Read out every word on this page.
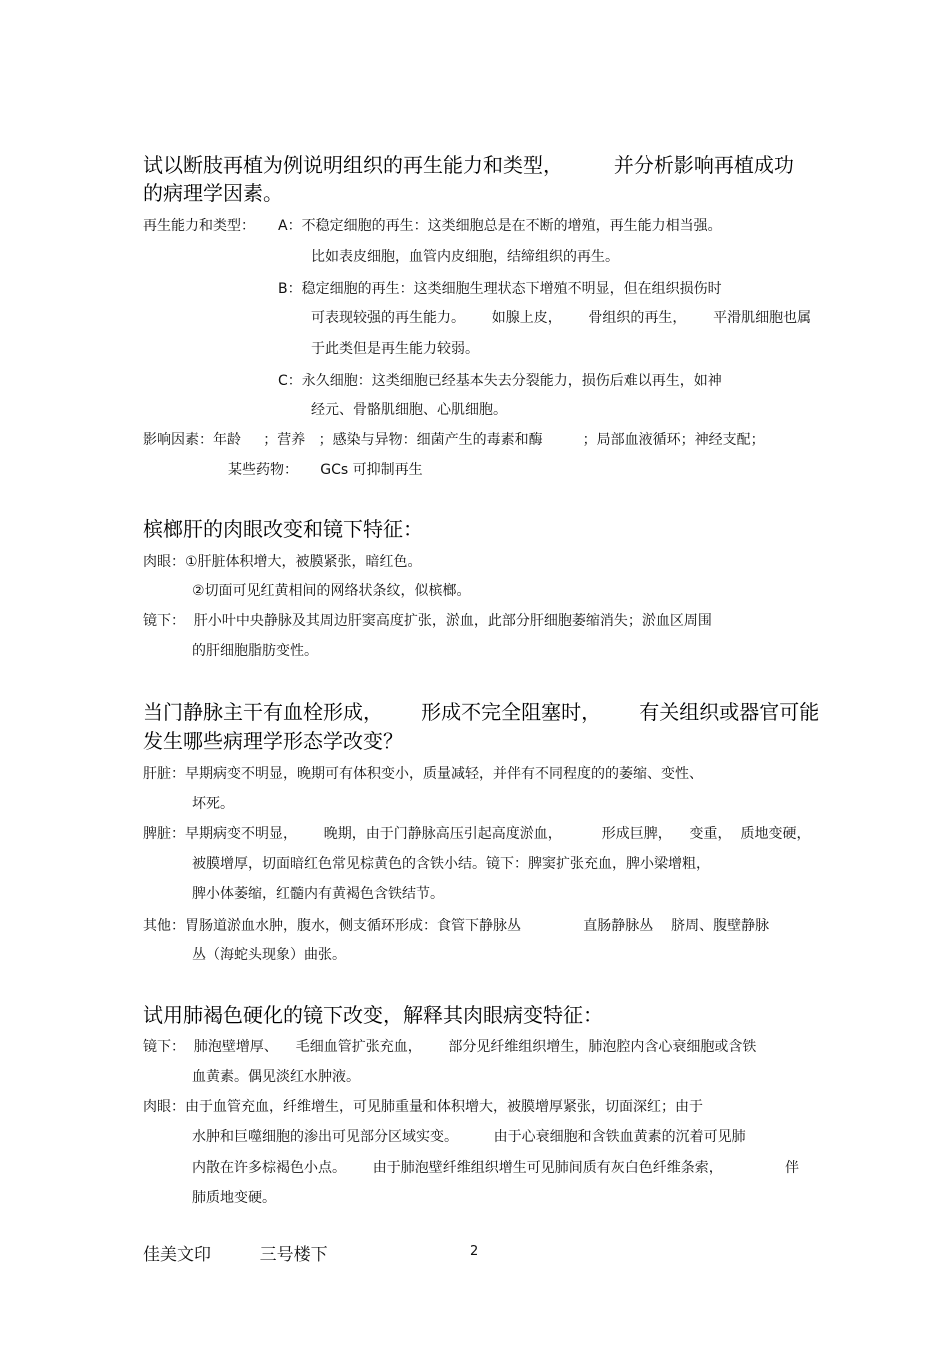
试以断肢再植为例说明组织的再生能力和类型，        并分析影响再植成功
的病理学因素。
再生能力和类型： A：不稳定细胞的再生：这类细胞总是在不断的增殖，再生能力相当强。
比如表皮细胞，血管内皮细胞，结缔组织的再生。
B：稳定细胞的再生：这类细胞生理状态下增殖不明显，但在组织损伤时
可表现较强的再生能力。      如腺上皮，      骨组织的再生，      平滑肌细胞也属
于此类但是再生能力较弱。
C：永久细胞：这类细胞已经基本失去分裂能力，损伤后难以再生，如神
经元、骨骼肌细胞、心肌细胞。
影响因素：年龄     ；营养   ；感染与异物：细菌产生的毒素和酶         ；局部血液循环；神经支配；
某些药物：     GCs 可抑制再生
槟榔肝的肉眼改变和镜下特征：
肉眼：①肝脏体积增大，被膜紧张，暗红色。
②切面可见红黄相间的网络状条纹，似槟榔。
镜下：  肝小叶中央静脉及其周边肝窦高度扩张，淤血，此部分肝细胞萎缩消失；淤血区周围
的肝细胞脂肪变性。
当门静脉主干有血栓形成，      形成不完全阻塞时，      有关组织或器官可能
发生哪些病理学形态学改变？
肝脏：早期病变不明显，晚期可有体积变小，质量减轻，并伴有不同程度的的萎缩、变性、
坏死。
脾脏：早期病变不明显，      晚期，由于门静脉高压引起高度淤血，         形成巨脾，    变重，  质地变硬，
被膜增厚，切面暗红色常见棕黄色的含铁小结。镜下：脾窦扩张充血，脾小梁增粗，
脾小体萎缩，红髓内有黄褐色含铁结节。
其他：胃肠道淤血水肿，腹水，侧支循环形成：食管下静脉丛              直肠静脉丛    脐周、腹壁静脉
丛（海蛇头现象）曲张。
试用肺褐色硬化的镜下改变，解释其肉眼病变特征：
镜下：  肺泡壁增厚、    毛细血管扩张充血，      部分见纤维组织增生，肺泡腔内含心衰细胞或含铁
血黄素。偶见淡红水肿液。
肉眼：由于血管充血，纤维增生，可见肺重量和体积增大，被膜增厚紧张，切面深红；由于
水肿和巨噬细胞的渗出可见部分区域实变。        由于心衰细胞和含铁血黄素的沉着可见肺
内散在许多棕褐色小点。      由于肺泡壁纤维组织增生可见肺间质有灰白色纤维条索，              伴
肺质地变硬。
佳美文印         三号楼下	2
